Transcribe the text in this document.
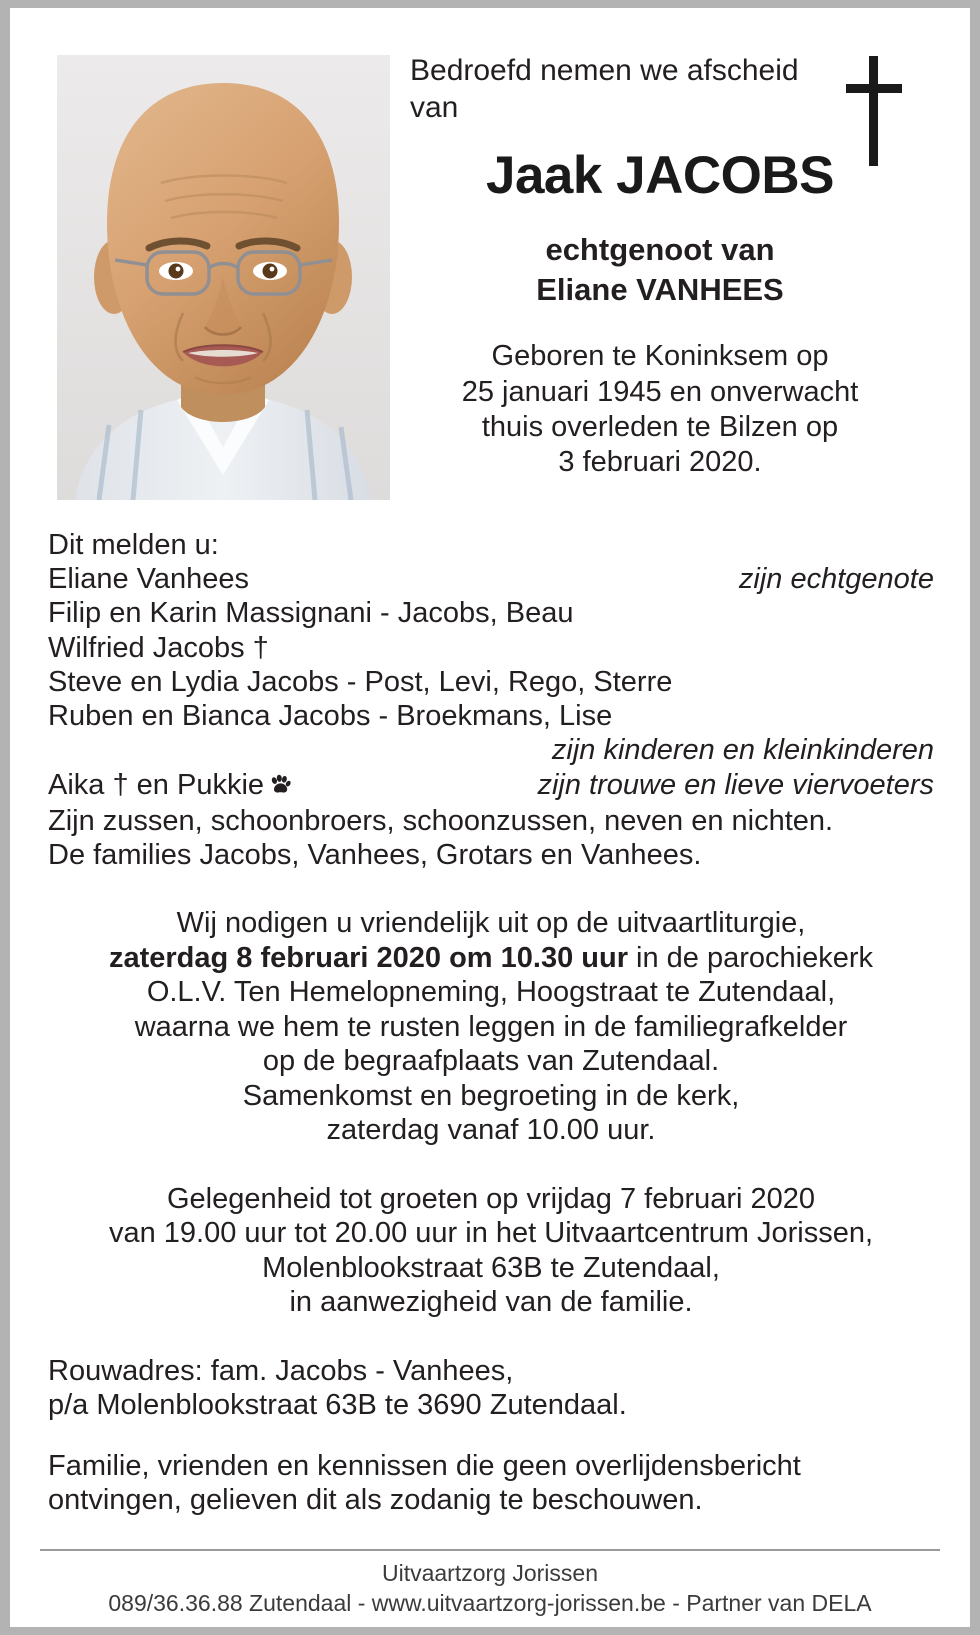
Bedroefd nemen we afscheid van

Jaak JACOBS
echtgenoot van
Eliane VANHEES
Geboren te Koninksem op
25 januari 1945 en onverwacht
thuis overleden te Bilzen op
3 februari 2020.
Dit melden u:
Eliane Vanhees	zijn echtgenote
Filip en Karin Massignani - Jacobs, Beau
Wilfried Jacobs †
Steve en Lydia Jacobs - Post, Levi, Rego, Sterre
Ruben en Bianca Jacobs - Broekmans, Lise
zijn kinderen en kleinkinderen
Aika † en Pukkie	zijn trouwe en lieve viervoeters
Zijn zussen, schoonbroers, schoonzussen, neven en nichten.
De families Jacobs, Vanhees, Grotars en Vanhees.
Wij nodigen u vriendelijk uit op de uitvaartliturgie,
zaterdag 8 februari 2020 om 10.30 uur in de parochiekerk
O.L.V. Ten Hemelopneming, Hoogstraat te Zutendaal,
waarna we hem te rusten leggen in de familiegrafkelder
op de begraafplaats van Zutendaal.
Samenkomst en begroeting in de kerk,
zaterdag vanaf 10.00 uur.
Gelegenheid tot groeten op vrijdag 7 februari 2020
van 19.00 uur tot 20.00 uur in het Uitvaartcentrum Jorissen,
Molenblookstraat 63B te Zutendaal,
in aanwezigheid van de familie.
Rouwadres: fam. Jacobs - Vanhees,
p/a Molenblookstraat 63B te 3690 Zutendaal.
Familie, vrienden en kennissen die geen overlijdensbericht
ontvingen, gelieven dit als zodanig te beschouwen.
Uitvaartzorg Jorissen
089/36.36.88 Zutendaal - www.uitvaartzorg-jorissen.be - Partner van DELA
